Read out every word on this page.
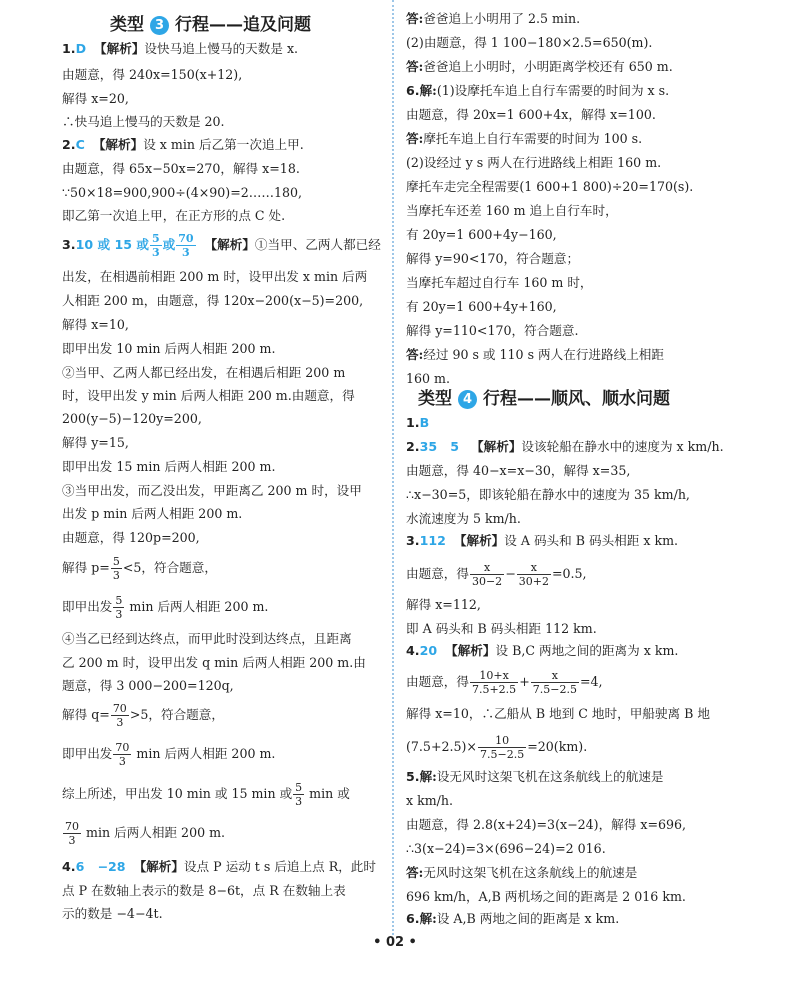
类型 3 行程——追及问题
1.D 【解析】设快马追上慢马的天数是 x.
由题意，得 240x=150(x+12),
解得 x=20,
∴快马追上慢马的天数是 20.
2.C 【解析】设 x min 后乙第一次追上甲.
由题意，得 65x−50x=270，解得 x=18.
∵50×18=900,900÷(4×90)=2……180,
即乙第一次追上甲，在正方形的点 C 处.
3.10 或 15 或 $\frac{5}{3}$ 或 $\frac{70}{3}$ 【解析】①当甲、乙两人都已经
出发，在相遇前相距 200 m 时，设甲出发 x min 后两
人相距 200 m，由题意，得 120x−200(x−5)=200,
解得 x=10,
即甲出发 10 min 后两人相距 200 m.
②当甲、乙两人都已经出发，在相遇后相距 200 m
时，设甲出发 y min 后两人相距 200 m.由题意，得
200(y−5)−120y=200,
解得 y=15,
即甲出发 15 min 后两人相距 200 m.
③当甲出发，而乙没出发，甲距离乙 200 m 时，设甲
出发 p min 后两人相距 200 m.
由题意，得 120p=200,
解得 $p= \frac{5}{3} <5$，符合题意，
即甲出发 $\frac{5}{3}$ min 后两人相距 200 m.
④当乙已经到达终点，而甲此时没到达终点，且距离
乙 200 m 时，设甲出发 q min 后两人相距 200 m.由
题意，得 3 000−200=120q,
解得 $q= \frac{70}{3} >5$，符合题意，
即甲出发 $\frac{70}{3}$ min 后两人相距 200 m.
综上所述，甲出发 10 min 或 15 min 或 $\frac{5}{3}$ min 或
$\frac{70}{3}$ min 后两人相距 200 m.
4.6   −28 【解析】设点 P 运动 t s 后追上点 R，此时
点 P 在数轴上表示的数是 8−6t，点 R 在数轴上表
示的数是 −4−4t.
答:爸爸追上小明用了 2.5 min.
(2)由题意，得 1 100−180×2.5=650(m).
答:爸爸追上小明时，小明距离学校还有 650 m.
6.解:(1)设摩托车追上自行车需要的时间为 x s.
由题意，得 20x=1 600+4x，解得 x=100.
答:摩托车追上自行车需要的时间为 100 s.
(2)设经过 y s 两人在行进路线上相距 160 m.
摩托车走完全程需要(1 600+1 800)÷20=170(s).
当摩托车还差 160 m 追上自行车时，
有 20y=1 600+4y−160,
解得 y=90<170，符合题意；
当摩托车超过自行车 160 m 时，
有 20y=1 600+4y+160,
解得 y=110<170，符合题意.
答:经过 90 s 或 110 s 两人在行进路线上相距
160 m.
类型 4 行程——顺风、顺水问题
1.B
2.35   5 【解析】设该轮船在静水中的速度为 x km/h.
由题意，得 40−x=x−30，解得 x=35,
∴x−30=5，即该轮船在静水中的速度为 35 km/h,
水流速度为 5 km/h.
3.112 【解析】设 A 码头和 B 码头相距 x km.
由题意，得 $\frac{x}{30-2} - \frac{x}{30+2} =0.5$,
解得 x=112,
即 A 码头和 B 码头相距 112 km.
4.20 【解析】设 B,C 两地之间的距离为 x km.
由题意，得 $\frac{10+x}{7.5+2.5} + \frac{x}{7.5-2.5} =4$,
解得 x=10，∴乙船从 B 地到 C 地时，甲船驶离 B 地
$(7.5+2.5)\times \frac{10}{7.5-2.5} =20(km)$.
5.解:设无风时这架飞机在这条航线上的航速是
x km/h.
由题意，得 2.8(x+24)=3(x−24)，解得 x=696,
∴3(x−24)=3×(696−24)=2 016.
答:无风时这架飞机在这条航线上的航速是
696 km/h，A,B 两机场之间的距离是 2 016 km.
6.解:设 A,B 两地之间的距离是 x km.
• 02 •
